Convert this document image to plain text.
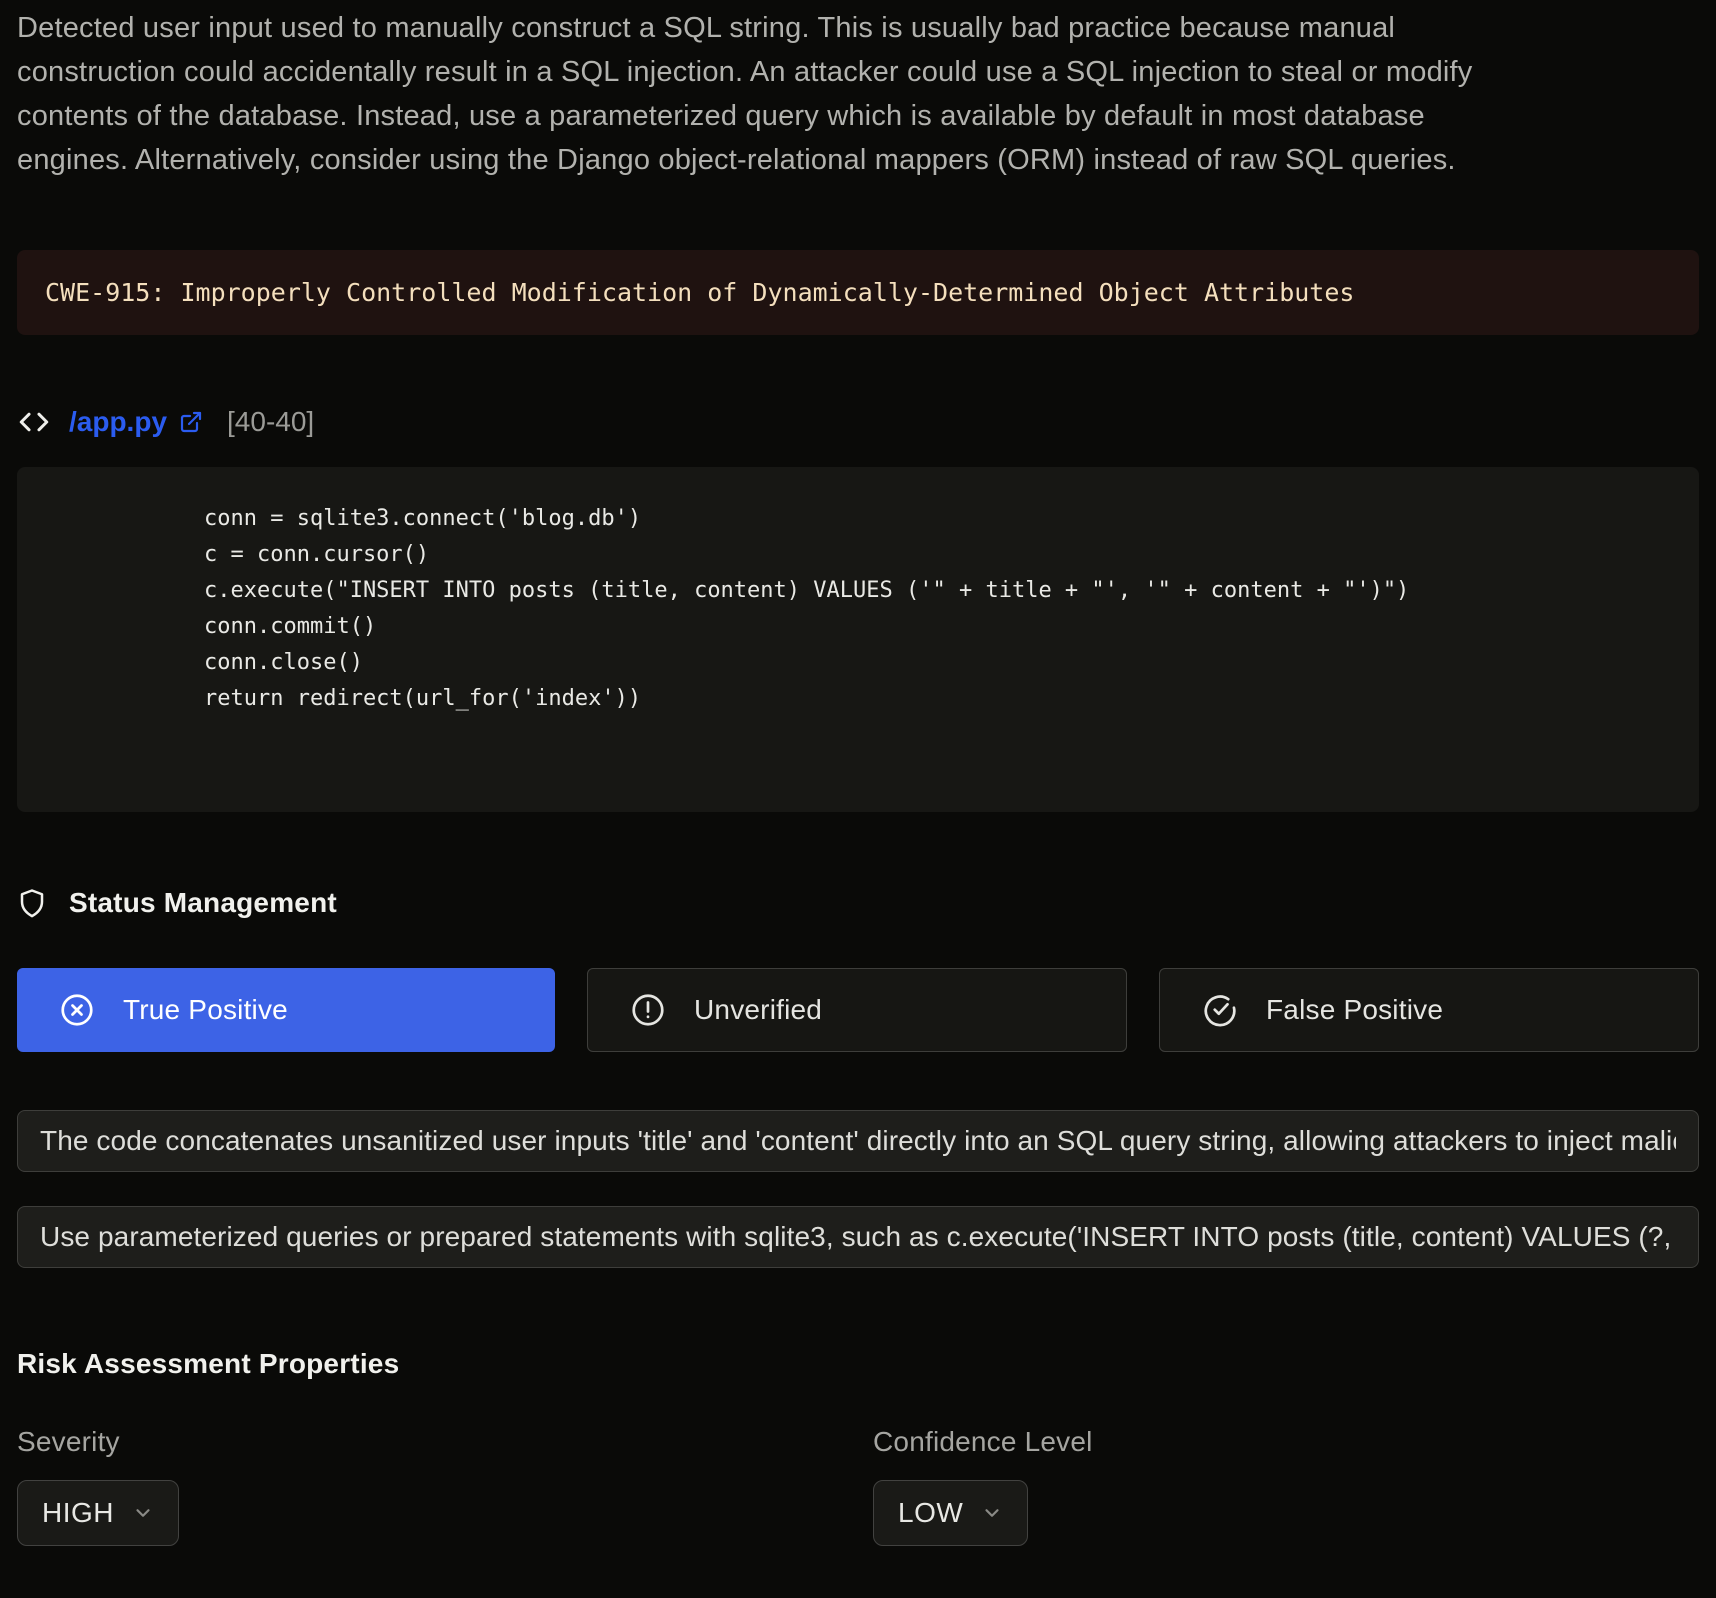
Detected user input used to manually construct a SQL string. This is usually bad practice because manual construction could accidentally result in a SQL injection. An attacker could use a SQL injection to steal or modify contents of the database. Instead, use a parameterized query which is available by default in most database engines. Alternatively, consider using the Django object-relational mappers (ORM) instead of raw SQL queries.

CWE-915: Improperly Controlled Modification of Dynamically-Determined Object Attributes
/app.py [40-40]
conn = sqlite3.connect('blog.db')
c = conn.cursor()
c.execute("INSERT INTO posts (title, content) VALUES ('" + title + "', '" + content + "')")
conn.commit()
conn.close()
return redirect(url_for('index'))
Status Management
True Positive	Unverified	False Positive
The code concatenates unsanitized user inputs 'title' and 'content' directly into an SQL query string, allowing attackers to inject malicious SQL.
Use parameterized queries or prepared statements with sqlite3, such as c.execute('INSERT INTO posts (title, content) VALUES (?, ?)')
Risk Assessment Properties
Severity
HIGH
Confidence Level
LOW
